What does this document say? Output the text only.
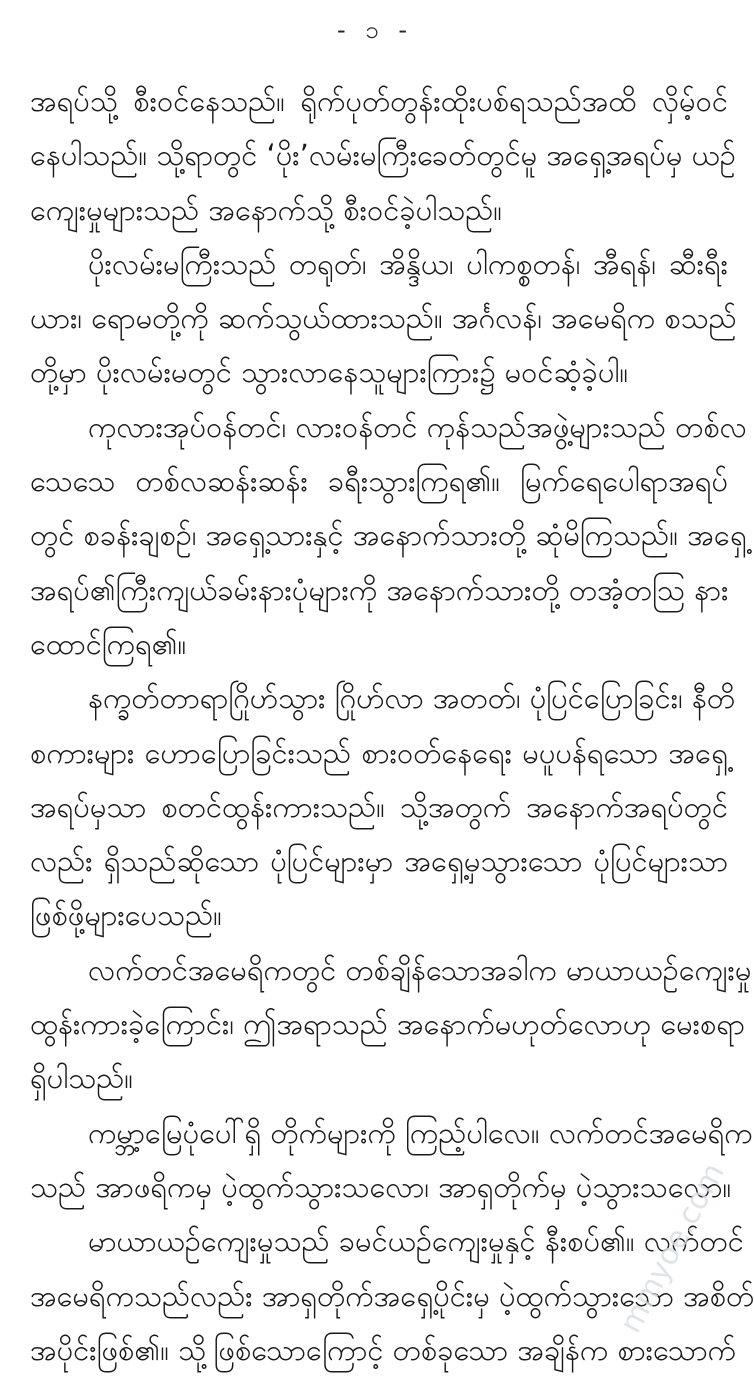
- ၁ -
အရပ်သို့ စီးဝင်နေသည်။ ရိုက်ပုတ်တွန်းထိုးပစ်ရသည်အထိ လှိမ့်ဝင်
နေပါသည်။ သို့ရာတွင် ‘ပိုး’လမ်းမကြီးခေတ်တွင်မူ အရှေ့အရပ်မှ ယဉ်
ကျေးမှုများသည် အနောက်သို့ စီးဝင်ခဲ့ပါသည်။
ပိုးလမ်းမကြီးသည် တရုတ်၊ အိန္ဒိယ၊ ပါကစ္စတန်၊ အီရန်၊ ဆီးရီး
ယား၊ ရောမတို့ကို ဆက်သွယ်ထားသည်။ အင်္ဂလန်၊ အမေရိက စသည်
တို့မှာ ပိုးလမ်းမတွင် သွားလာနေသူများကြား၌ မဝင်ဆံ့ခဲ့ပါ။
ကုလားအုပ်ဝန်တင်၊ လားဝန်တင် ကုန်သည်အဖွဲ့များသည် တစ်လ
သေသေ တစ်လဆန်းဆန်း ခရီးသွားကြရ၏။ မြက်ရေပေါရာအရပ်
တွင် စခန်းချစဉ်၊ အရှေ့သားနှင့် အနောက်သားတို့ ဆုံမိကြသည်။ အရှေ့
အရပ်၏ကြီးကျယ်ခမ်းနားပုံများကို အနောက်သားတို့ တအံ့တသြ နား
ထောင်ကြရ၏။
နက္ခတ်တာရာဂြိုဟ်သွား ဂြိုဟ်လာ အတတ်၊ ပုံပြင်ပြောခြင်း၊ နီတိ
စကားများ ဟောပြောခြင်းသည် စားဝတ်နေရေး မပူပန်ရသော အရှေ့
အရပ်မှသာ စတင်ထွန်းကားသည်။ သို့အတွက် အနောက်အရပ်တွင်
လည်း ရှိသည်ဆိုသော ပုံပြင်များမှာ အရှေ့မှသွားသော ပုံပြင်များသာ
ဖြစ်ဖို့များပေသည်။
လက်တင်အမေရိကတွင် တစ်ချိန်သောအခါက မာယာယဉ်ကျေးမှု
ထွန်းကားခဲ့ကြောင်း၊ ဤအရာသည် အနောက်မဟုတ်လောဟု မေးစရာ
ရှိပါသည်။
ကမ္ဘာ့မြေပုံပေါ်ရှိ တိုက်များကို ကြည့်ပါလေ။ လက်တင်အမေရိက
သည် အာဖရိကမှ ပဲ့ထွက်သွားသလော၊ အာရှတိုက်မှ ပဲ့သွားသလော။
မာယာယဉ်ကျေးမှုသည် ခမင်ယဉ်ကျေးမှုနှင့် နီးစပ်၏။ လက်တင်
အမေရိကသည်လည်း အာရှတိုက်အရှေ့ပိုင်းမှ ပဲ့ထွက်သွားသော အစိတ်
အပိုင်းဖြစ်၏။ သို့ဖြစ်သောကြောင့် တစ်ခုသော အချိန်က စားသောက်
mmyoe.com
